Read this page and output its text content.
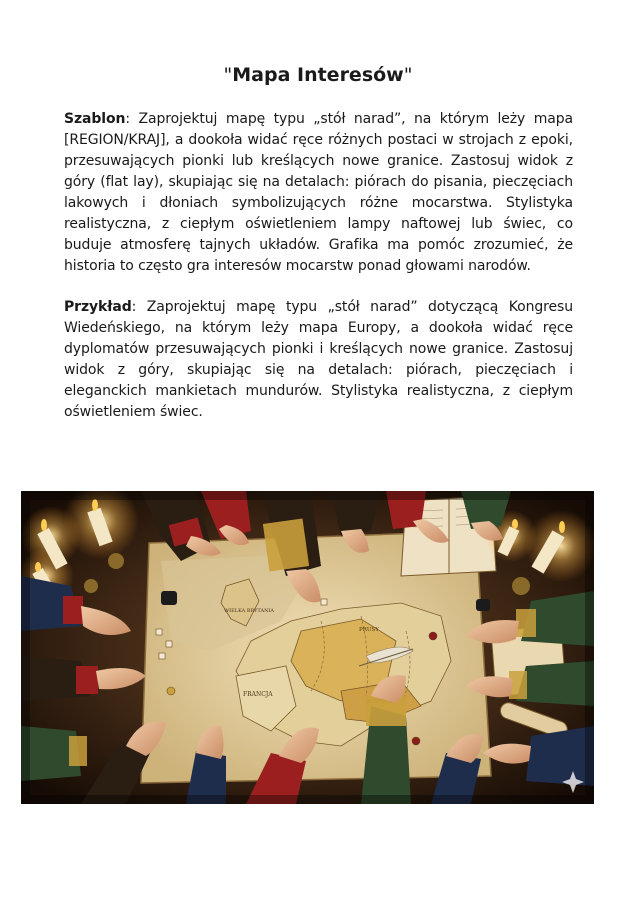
"Mapa Interesów"

Szablon: Zaprojektuj mapę typu „stół narad”, na którym leży mapa [REGION/KRAJ], a dookoła widać ręce różnych postaci w strojach z epoki, przesuwających pionki lub kreślących nowe granice. Zastosuj widok z góry (flat lay), skupiając się na detalach: piórach do pisania, pieczęciach lakowych i dłoniach symbolizujących różne mocarstwa. Stylistyka realistyczna, z ciepłym oświetleniem lampy naftowej lub świec, co buduje atmosferę tajnych układów. Grafika ma pomóc zrozumieć, że historia to często gra interesów mocarstw ponad głowami narodów.

Przykład: Zaprojektuj mapę typu „stół narad” dotyczącą Kongresu Wiedeńskiego, na którym leży mapa Europy, a dookoła widać ręce dyplomatów przesuwających pionki i kreślących nowe granice. Zastosuj widok z góry, skupiając się na detalach: piórach, pieczęciach i eleganckich mankietach mundurów. Stylistyka realistyczna, z ciepłym oświetleniem świec.

WIELKA BRYTANIA
FRANCJA
PRUSY
